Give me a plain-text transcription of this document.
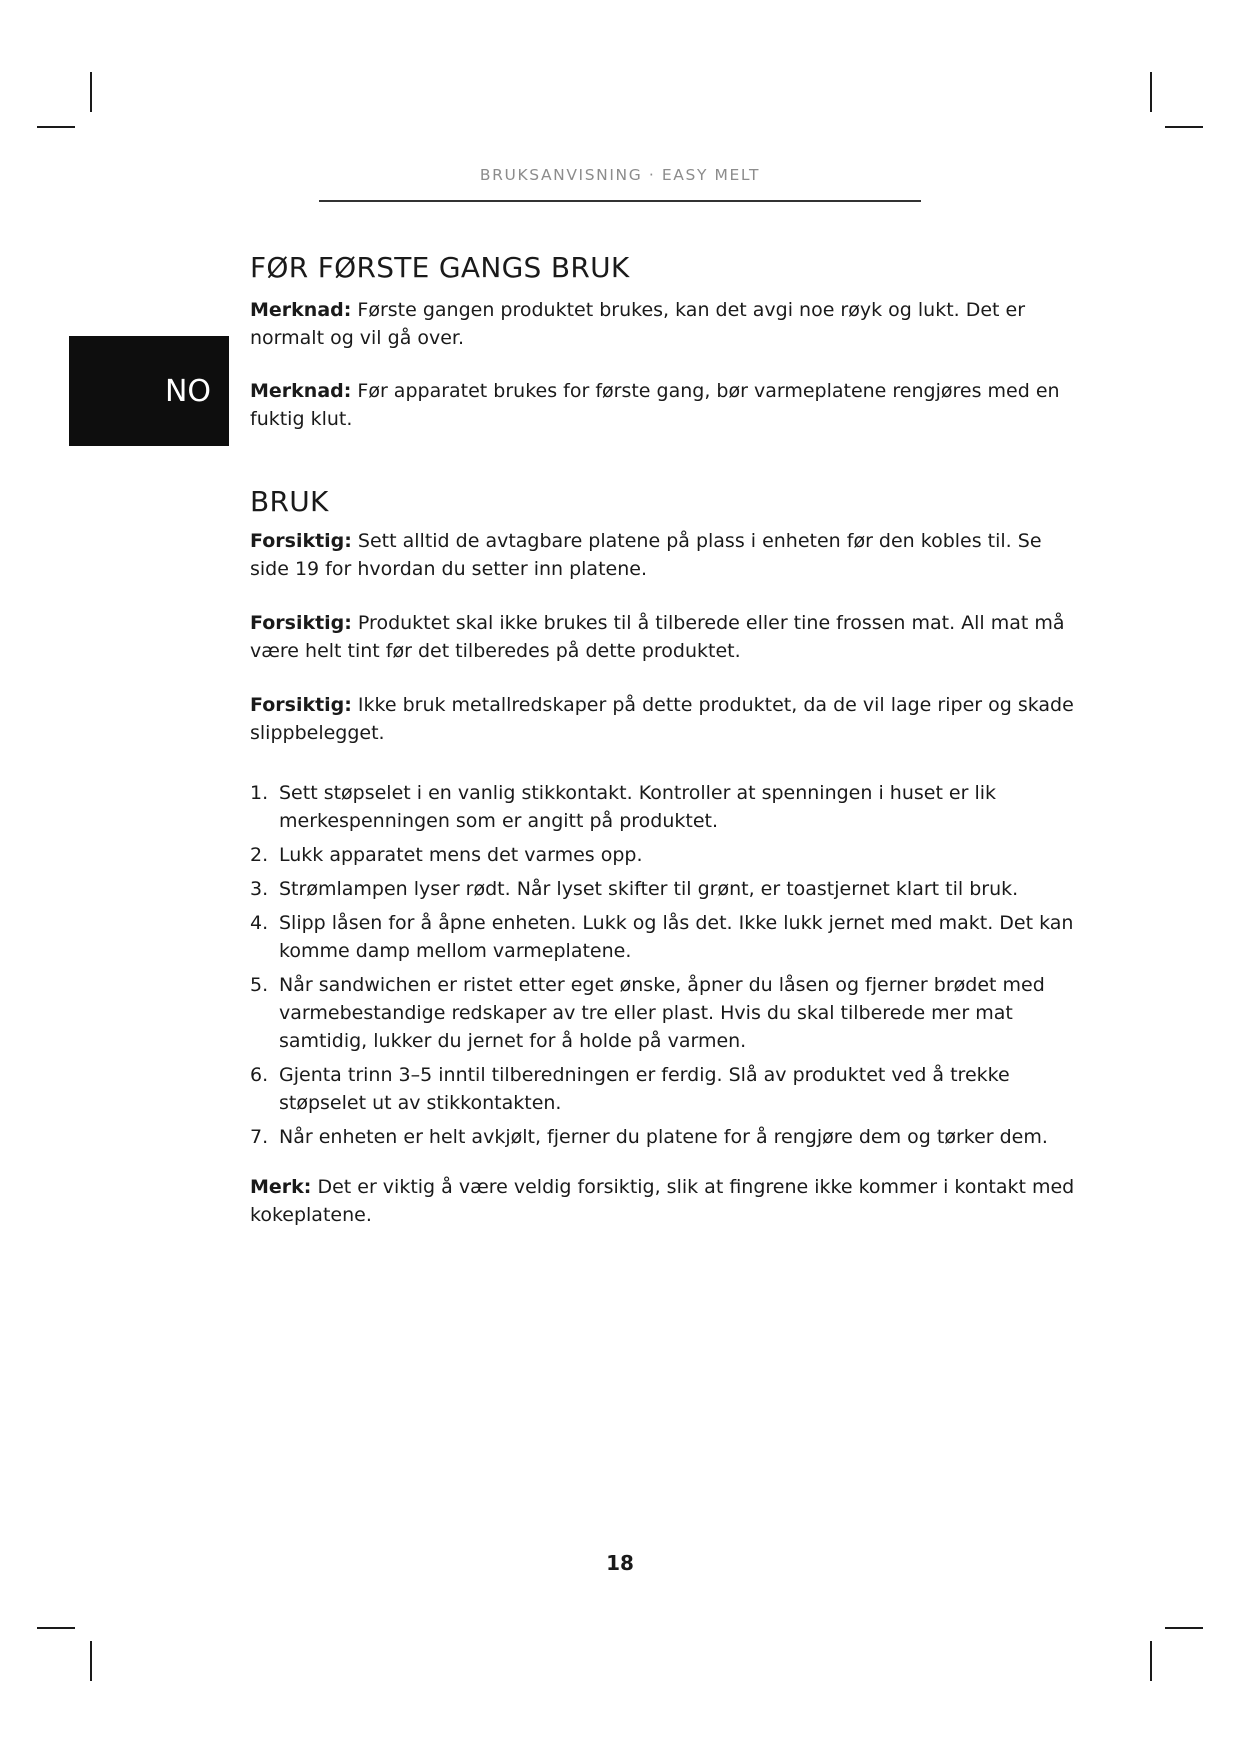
BRUKSANVISNING · EASY MELT
NO
FØR FØRSTE GANGS BRUK

Merknad: Første gangen produktet brukes, kan det avgi noe røyk og lukt. Det er normalt og vil gå over.

Merknad: Før apparatet brukes for første gang, bør varmeplatene rengjøres med en fuktig klut.

BRUK

Forsiktig: Sett alltid de avtagbare platene på plass i enheten før den kobles til. Se side 19 for hvordan du setter inn platene.

Forsiktig: Produktet skal ikke brukes til å tilberede eller tine frossen mat. All mat må være helt tint før det tilberedes på dette produktet.

Forsiktig: Ikke bruk metallredskaper på dette produktet, da de vil lage riper og skade slippbelegget.

1. Sett støpselet i en vanlig stikkontakt. Kontroller at spenningen i huset er lik merkespenningen som er angitt på produktet.
2. Lukk apparatet mens det varmes opp.
3. Strømlampen lyser rødt. Når lyset skifter til grønt, er toastjernet klart til bruk.
4. Slipp låsen for å åpne enheten. Lukk og lås det. Ikke lukk jernet med makt. Det kan komme damp mellom varmeplatene.
5. Når sandwichen er ristet etter eget ønske, åpner du låsen og fjerner brødet med varmebestandige redskaper av tre eller plast. Hvis du skal tilberede mer mat samtidig, lukker du jernet for å holde på varmen.
6. Gjenta trinn 3–5 inntil tilberedningen er ferdig. Slå av produktet ved å trekke støpselet ut av stikkontakten.
7. Når enheten er helt avkjølt, fjerner du platene for å rengjøre dem og tørker dem.

Merk: Det er viktig å være veldig forsiktig, slik at fingrene ikke kommer i kontakt med kokeplatene.

18
